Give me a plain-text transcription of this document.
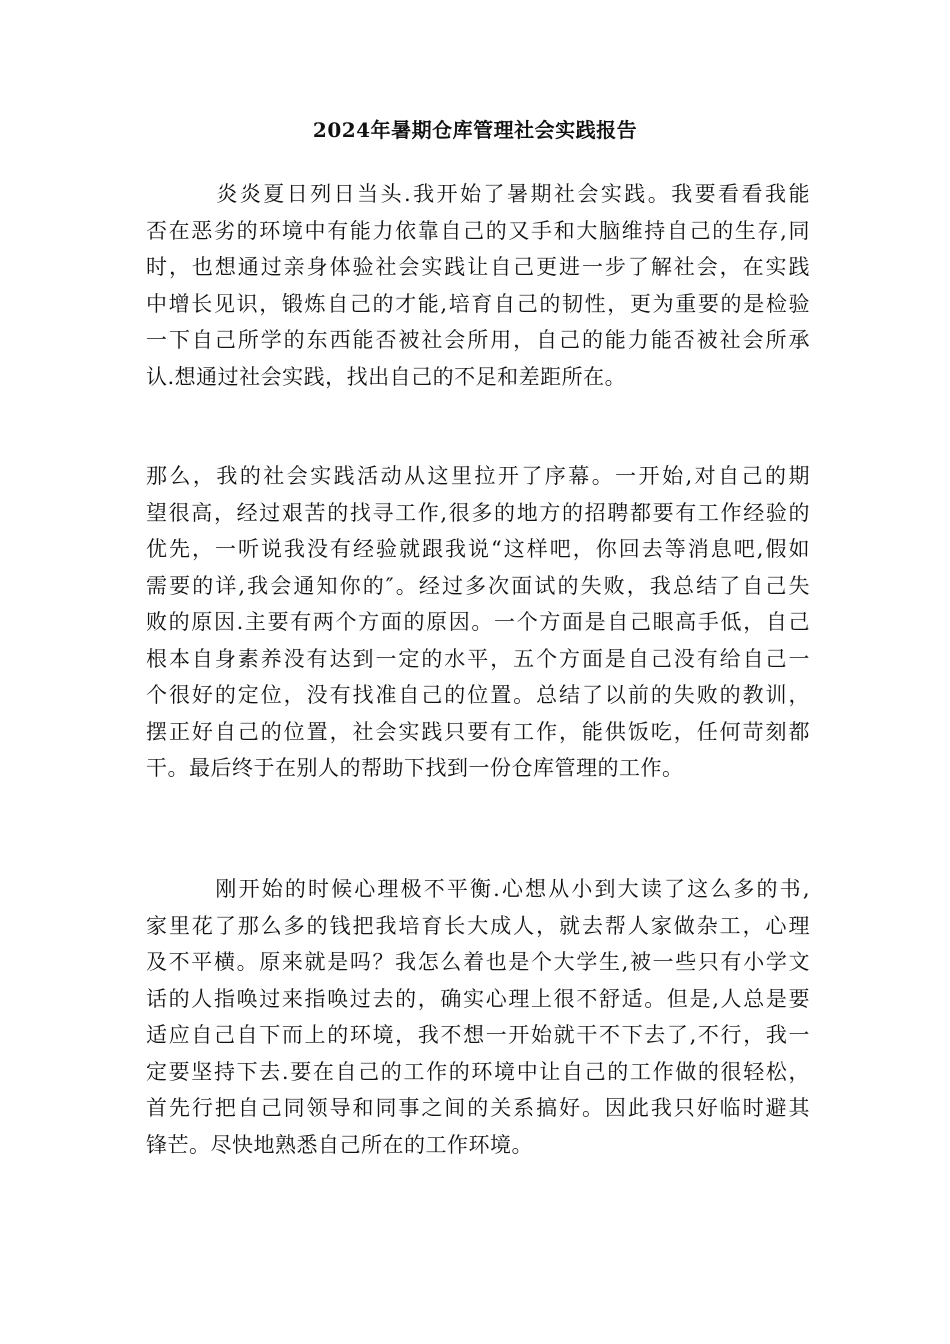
2024年暑期仓库管理社会实践报告
　　　炎炎夏日列日当头.我开始了暑期社会实践。我要看看我能
否在恶劣的环境中有能力依靠自己的又手和大脑维持自己的生存,同
时，也想通过亲身体验社会实践让自己更进一步了解社会，在实践
中增长见识，锻炼自己的才能,培育自己的韧性，更为重要的是检验
一下自己所学的东西能否被社会所用，自己的能力能否被社会所承
认.想通过社会实践，找出自己的不足和差距所在。
那么，我的社会实践活动从这里拉开了序幕。一开始,对自己的期
望很高，经过艰苦的找寻工作,很多的地方的招聘都要有工作经验的
优先，一听说我没有经验就跟我说“这样吧，你回去等消息吧,假如
需要的详,我会通知你的″。经过多次面试的失败，我总结了自己失
败的原因.主要有两个方面的原因。一个方面是自己眼高手低，自己
根本自身素养没有达到一定的水平，五个方面是自己没有给自己一
个很好的定位，没有找准自己的位置。总结了以前的失败的教训，
摆正好自己的位置，社会实践只要有工作，能供饭吃，任何苛刻都
干。最后终于在别人的帮助下找到一份仓库管理的工作。
　　　刚开始的时候心理极不平衡.心想从小到大读了这么多的书,
家里花了那么多的钱把我培育长大成人，就去帮人家做杂工，心理
及不平横。原来就是吗？我怎么着也是个大学生,被一些只有小学文
话的人指唤过来指唤过去的，确实心理上很不舒适。但是,人总是要
适应自己自下而上的环境，我不想一开始就干不下去了,不行，我一
定要坚持下去.要在自己的工作的环境中让自己的工作做的很轻松，
首先行把自己同领导和同事之间的关系搞好。因此我只好临时避其
锋芒。尽快地熟悉自己所在的工作环境。
